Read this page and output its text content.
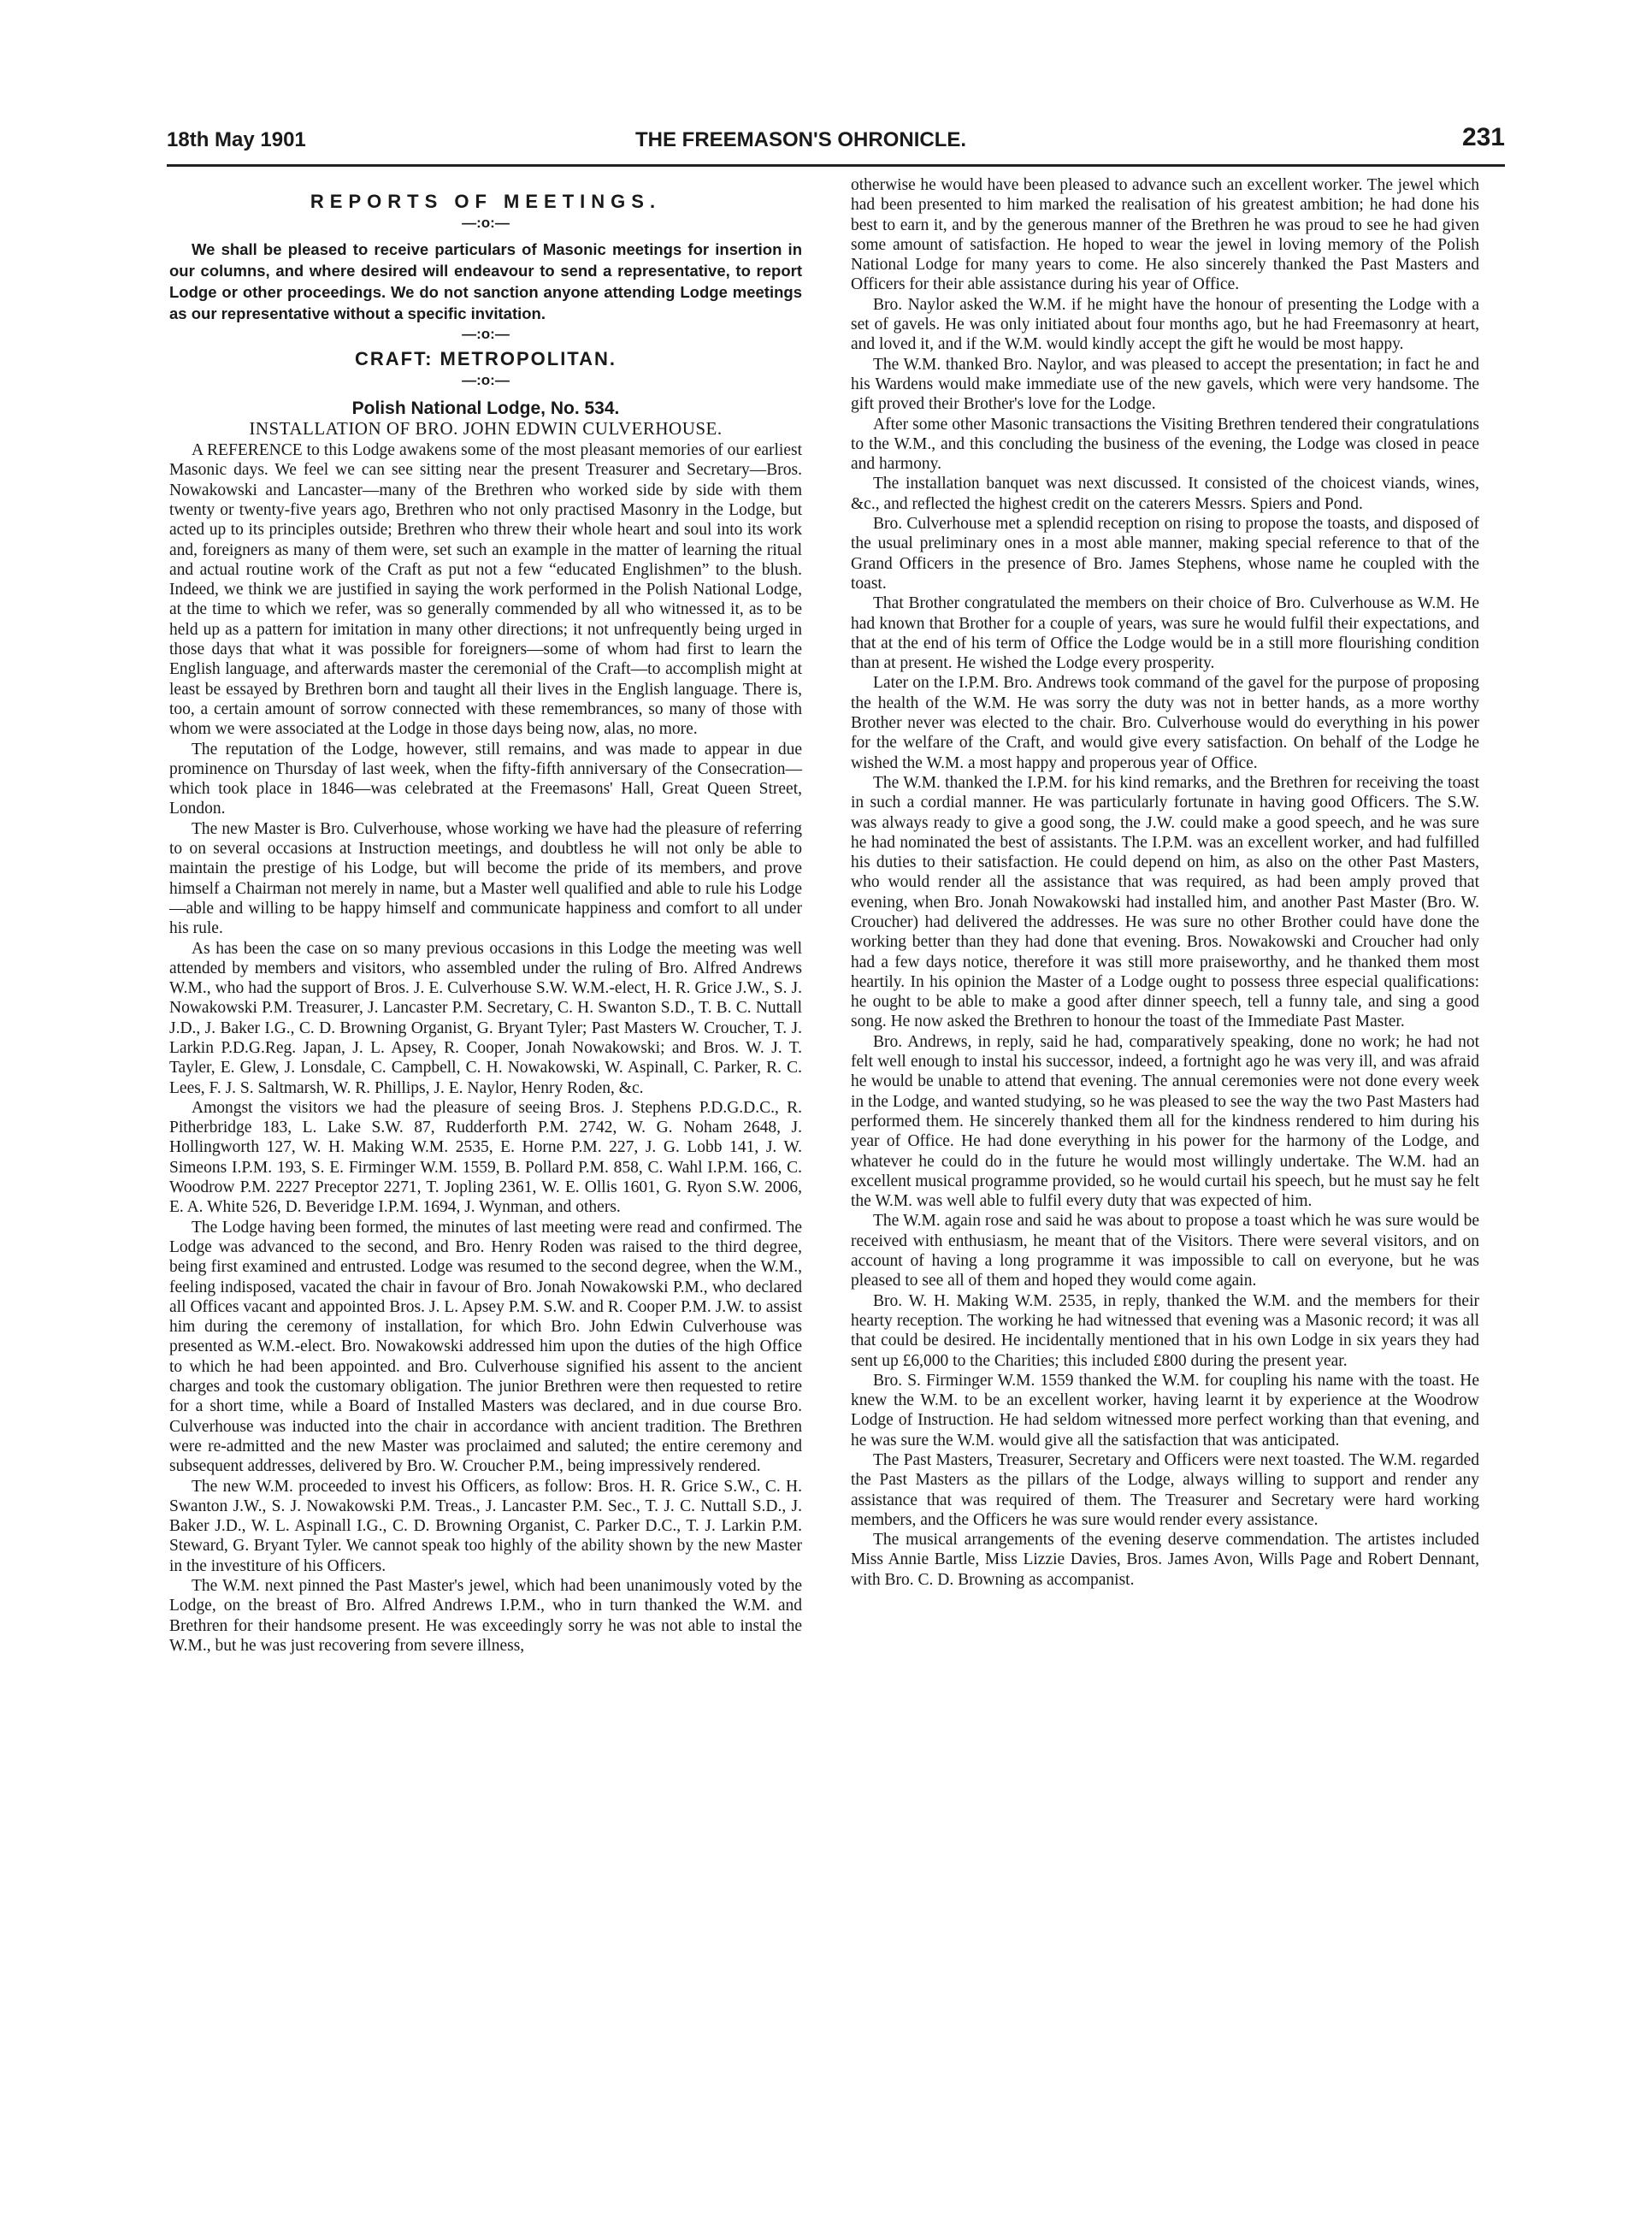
18th May 1901	THE FREEMASON'S OHRONICLE.	231
REPORTS OF MEETINGS.
—:o:—

We shall be pleased to receive particulars of Masonic meetings for insertion in our columns, and where desired will endeavour to send a representative, to report Lodge or other proceedings. We do not sanction anyone attending Lodge meetings as our representative without a specific invitation.

—:o:—
CRAFT: METROPOLITAN.
—:o:—
Polish National Lodge, No. 534.
INSTALLATION OF BRO. JOHN EDWIN CULVERHOUSE.

A REFERENCE to this Lodge awakens some of the most pleasant memories of our earliest Masonic days. We feel we can see sitting near the present Treasurer and Secretary—Bros. Nowakowski and Lancaster—many of the Brethren who worked side by side with them twenty or twenty-five years ago, Brethren who not only practised Masonry in the Lodge, but acted up to its principles outside; Brethren who threw their whole heart and soul into its work and, foreigners as many of them were, set such an example in the matter of learning the ritual and actual routine work of the Craft as put not a few “educated Englishmen” to the blush. Indeed, we think we are justified in saying the work performed in the Polish National Lodge, at the time to which we refer, was so generally commended by all who witnessed it, as to be held up as a pattern for imitation in many other directions; it not unfrequently being urged in those days that what it was possible for foreigners—some of whom had first to learn the English language, and afterwards master the ceremonial of the Craft—to accomplish might at least be essayed by Brethren born and taught all their lives in the English language. There is, too, a certain amount of sorrow connected with these remembrances, so many of those with whom we were associated at the Lodge in those days being now, alas, no more.

The reputation of the Lodge, however, still remains, and was made to appear in due prominence on Thursday of last week, when the fifty-fifth anniversary of the Consecration—which took place in 1846—was celebrated at the Freemasons' Hall, Great Queen Street, London.

The new Master is Bro. Culverhouse, whose working we have had the pleasure of referring to on several occasions at Instruction meetings, and doubtless he will not only be able to maintain the prestige of his Lodge, but will become the pride of its members, and prove himself a Chairman not merely in name, but a Master well qualified and able to rule his Lodge—able and willing to be happy himself and communicate happiness and comfort to all under his rule.

As has been the case on so many previous occasions in this Lodge the meeting was well attended by members and visitors, who assembled under the ruling of Bro. Alfred Andrews W.M., who had the support of Bros. J. E. Culverhouse S.W. W.M.-elect, H. R. Grice J.W., S. J. Nowakowski P.M. Treasurer, J. Lancaster P.M. Secretary, C. H. Swanton S.D., T. B. C. Nuttall J.D., J. Baker I.G., C. D. Browning Organist, G. Bryant Tyler; Past Masters W. Croucher, T. J. Larkin P.D.G.Reg. Japan, J. L. Apsey, R. Cooper, Jonah Nowakowski; and Bros. W. J. T. Tayler, E. Glew, J. Lonsdale, C. Campbell, C. H. Nowakowski, W. Aspinall, C. Parker, R. C. Lees, F. J. S. Saltmarsh, W. R. Phillips, J. E. Naylor, Henry Roden, &c.

Amongst the visitors we had the pleasure of seeing Bros. J. Stephens P.D.G.D.C., R. Pitherbridge 183, L. Lake S.W. 87, Rudderforth P.M. 2742, W. G. Noham 2648, J. Hollingworth 127, W. H. Making W.M. 2535, E. Horne P.M. 227, J. G. Lobb 141, J. W. Simeons I.P.M. 193, S. E. Firminger W.M. 1559, B. Pollard P.M. 858, C. Wahl I.P.M. 166, C. Woodrow P.M. 2227 Preceptor 2271, T. Jopling 2361, W. E. Ollis 1601, G. Ryon S.W. 2006, E. A. White 526, D. Beveridge I.P.M. 1694, J. Wynman, and others.

The Lodge having been formed, the minutes of last meeting were read and confirmed. The Lodge was advanced to the second, and Bro. Henry Roden was raised to the third degree, being first examined and entrusted. Lodge was resumed to the second degree, when the W.M., feeling indisposed, vacated the chair in favour of Bro. Jonah Nowakowski P.M., who declared all Offices vacant and appointed Bros. J. L. Apsey P.M. S.W. and R. Cooper P.M. J.W. to assist him during the ceremony of installation, for which Bro. John Edwin Culverhouse was presented as W.M.-elect. Bro. Nowakowski addressed him upon the duties of the high Office to which he had been appointed. and Bro. Culverhouse signified his assent to the ancient charges and took the customary obligation. The junior Brethren were then requested to retire for a short time, while a Board of Installed Masters was declared, and in due course Bro. Culverhouse was inducted into the chair in accordance with ancient tradition. The Brethren were re-admitted and the new Master was proclaimed and saluted; the entire ceremony and subsequent addresses, delivered by Bro. W. Croucher P.M., being impressively rendered.

The new W.M. proceeded to invest his Officers, as follow: Bros. H. R. Grice S.W., C. H. Swanton J.W., S. J. Nowakowski P.M. Treas., J. Lancaster P.M. Sec., T. J. C. Nuttall S.D., J. Baker J.D., W. L. Aspinall I.G., C. D. Browning Organist, C. Parker D.C., T. J. Larkin P.M. Steward, G. Bryant Tyler. We cannot speak too highly of the ability shown by the new Master in the investiture of his Officers.

The W.M. next pinned the Past Master's jewel, which had been unanimously voted by the Lodge, on the breast of Bro. Alfred Andrews I.P.M., who in turn thanked the W.M. and Brethren for their handsome present. He was exceedingly sorry he was not able to instal the W.M., but he was just recovering from severe illness,

otherwise he would have been pleased to advance such an excellent worker. The jewel which had been presented to him marked the realisation of his greatest ambition; he had done his best to earn it, and by the generous manner of the Brethren he was proud to see he had given some amount of satisfaction. He hoped to wear the jewel in loving memory of the Polish National Lodge for many years to come. He also sincerely thanked the Past Masters and Officers for their able assistance during his year of Office.

Bro. Naylor asked the W.M. if he might have the honour of presenting the Lodge with a set of gavels. He was only initiated about four months ago, but he had Freemasonry at heart, and loved it, and if the W.M. would kindly accept the gift he would be most happy.

The W.M. thanked Bro. Naylor, and was pleased to accept the presentation; in fact he and his Wardens would make immediate use of the new gavels, which were very handsome. The gift proved their Brother's love for the Lodge.

After some other Masonic transactions the Visiting Brethren tendered their congratulations to the W.M., and this concluding the business of the evening, the Lodge was closed in peace and harmony.

The installation banquet was next discussed. It consisted of the choicest viands, wines, &c., and reflected the highest credit on the caterers Messrs. Spiers and Pond.

Bro. Culverhouse met a splendid reception on rising to propose the toasts, and disposed of the usual preliminary ones in a most able manner, making special reference to that of the Grand Officers in the presence of Bro. James Stephens, whose name he coupled with the toast.

That Brother congratulated the members on their choice of Bro. Culverhouse as W.M. He had known that Brother for a couple of years, was sure he would fulfil their expectations, and that at the end of his term of Office the Lodge would be in a still more flourishing condition than at present. He wished the Lodge every prosperity.

Later on the I.P.M. Bro. Andrews took command of the gavel for the purpose of proposing the health of the W.M. He was sorry the duty was not in better hands, as a more worthy Brother never was elected to the chair. Bro. Culverhouse would do everything in his power for the welfare of the Craft, and would give every satisfaction. On behalf of the Lodge he wished the W.M. a most happy and properous year of Office.

The W.M. thanked the I.P.M. for his kind remarks, and the Brethren for receiving the toast in such a cordial manner. He was particularly fortunate in having good Officers. The S.W. was always ready to give a good song, the J.W. could make a good speech, and he was sure he had nominated the best of assistants. The I.P.M. was an excellent worker, and had fulfilled his duties to their satisfaction. He could depend on him, as also on the other Past Masters, who would render all the assistance that was required, as had been amply proved that evening, when Bro. Jonah Nowakowski had installed him, and another Past Master (Bro. W. Croucher) had delivered the addresses. He was sure no other Brother could have done the working better than they had done that evening. Bros. Nowakowski and Croucher had only had a few days notice, therefore it was still more praiseworthy, and he thanked them most heartily. In his opinion the Master of a Lodge ought to possess three especial qualifications: he ought to be able to make a good after dinner speech, tell a funny tale, and sing a good song. He now asked the Brethren to honour the toast of the Immediate Past Master.

Bro. Andrews, in reply, said he had, comparatively speaking, done no work; he had not felt well enough to instal his successor, indeed, a fortnight ago he was very ill, and was afraid he would be unable to attend that evening. The annual ceremonies were not done every week in the Lodge, and wanted studying, so he was pleased to see the way the two Past Masters had performed them. He sincerely thanked them all for the kindness rendered to him during his year of Office. He had done everything in his power for the harmony of the Lodge, and whatever he could do in the future he would most willingly undertake. The W.M. had an excellent musical programme provided, so he would curtail his speech, but he must say he felt the W.M. was well able to fulfil every duty that was expected of him.

The W.M. again rose and said he was about to propose a toast which he was sure would be received with enthusiasm, he meant that of the Visitors. There were several visitors, and on account of having a long programme it was impossible to call on everyone, but he was pleased to see all of them and hoped they would come again.

Bro. W. H. Making W.M. 2535, in reply, thanked the W.M. and the members for their hearty reception. The working he had witnessed that evening was a Masonic record; it was all that could be desired. He incidentally mentioned that in his own Lodge in six years they had sent up £6,000 to the Charities; this included £800 during the present year.

Bro. S. Firminger W.M. 1559 thanked the W.M. for coupling his name with the toast. He knew the W.M. to be an excellent worker, having learnt it by experience at the Woodrow Lodge of Instruction. He had seldom witnessed more perfect working than that evening, and he was sure the W.M. would give all the satisfaction that was anticipated.

The Past Masters, Treasurer, Secretary and Officers were next toasted. The W.M. regarded the Past Masters as the pillars of the Lodge, always willing to support and render any assistance that was required of them. The Treasurer and Secretary were hard working members, and the Officers he was sure would render every assistance.

The musical arrangements of the evening deserve commendation. The artistes included Miss Annie Bartle, Miss Lizzie Davies, Bros. James Avon, Wills Page and Robert Dennant, with Bro. C. D. Browning as accompanist.
